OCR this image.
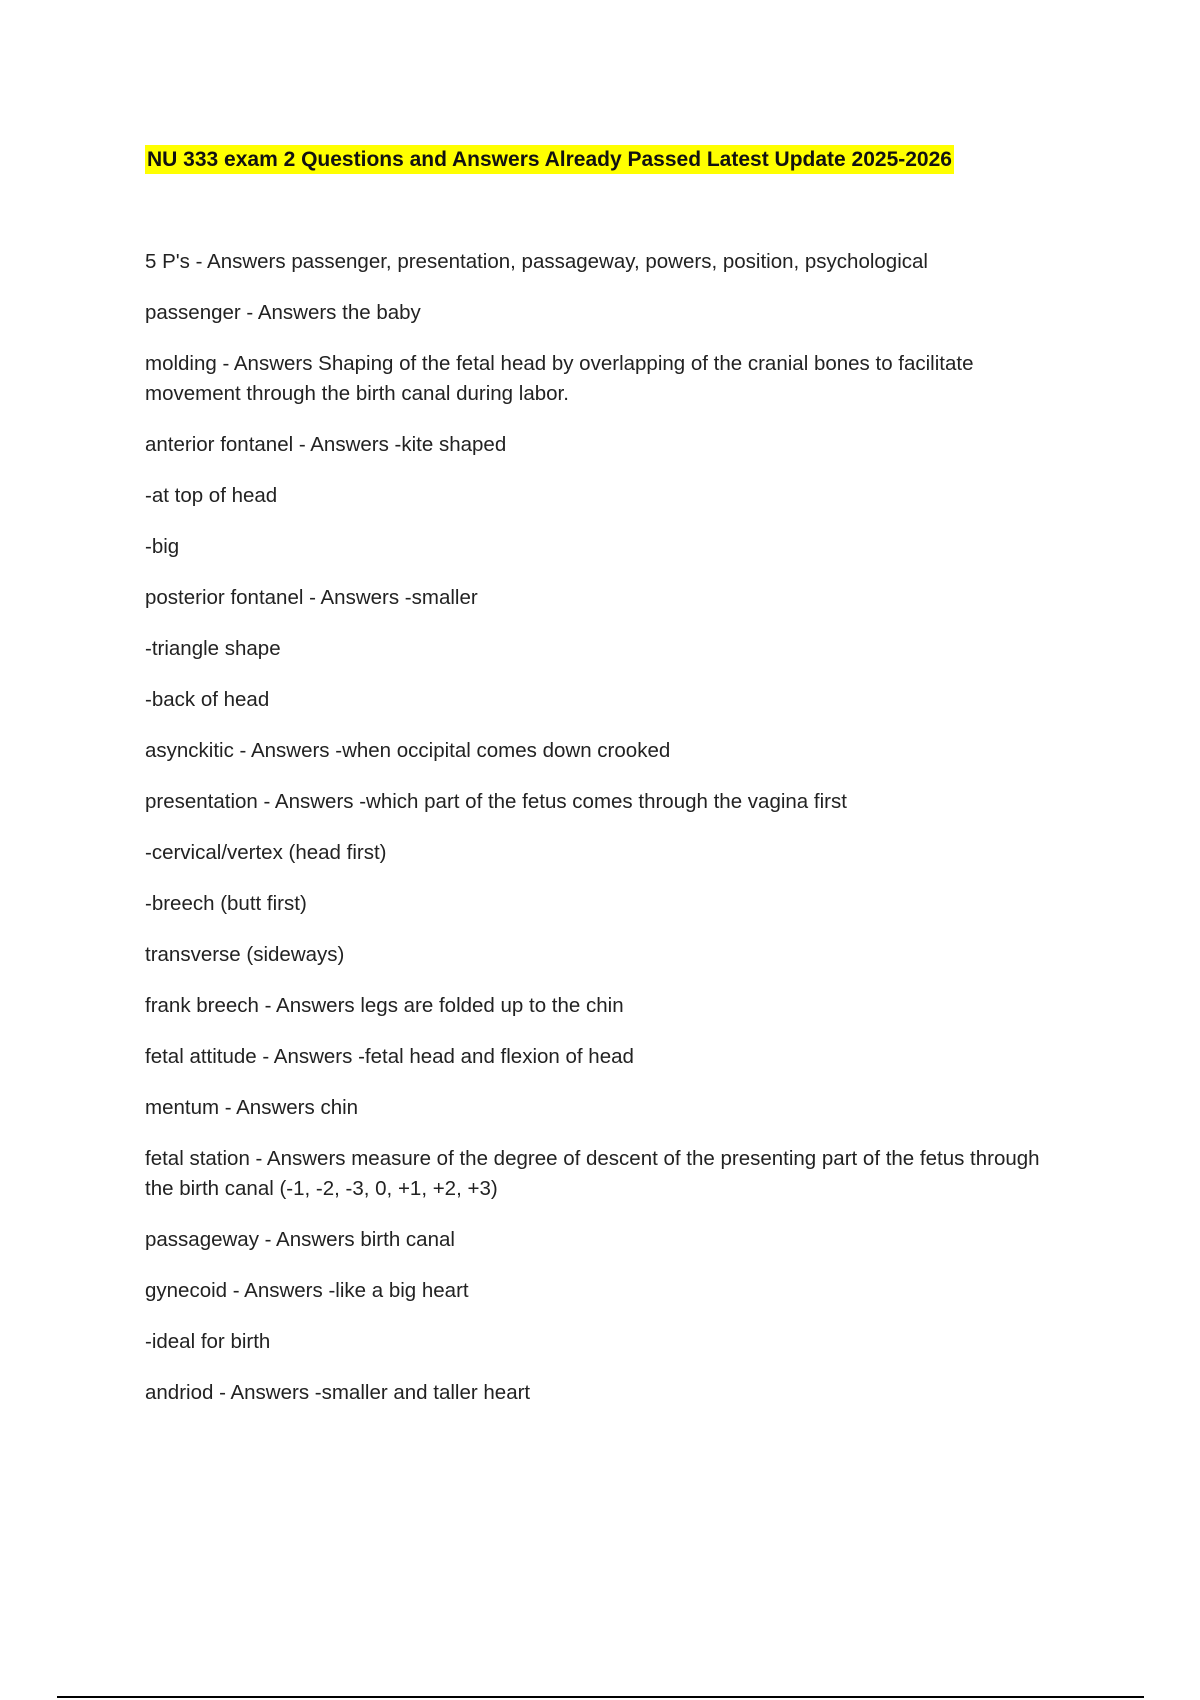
NU 333 exam 2 Questions and Answers Already Passed Latest Update 2025-2026

5 P's - Answers passenger, presentation, passageway, powers, position, psychological

passenger - Answers the baby

molding - Answers Shaping of the fetal head by overlapping of the cranial bones to facilitate movement through the birth canal during labor.

anterior fontanel - Answers -kite shaped

-at top of head

-big

posterior fontanel - Answers -smaller

-triangle shape

-back of head

asynckitic - Answers -when occipital comes down crooked

presentation - Answers -which part of the fetus comes through the vagina first

-cervical/vertex (head first)

-breech (butt first)

transverse (sideways)

frank breech - Answers legs are folded up to the chin

fetal attitude - Answers -fetal head and flexion of head

mentum - Answers chin

fetal station - Answers measure of the degree of descent of the presenting part of the fetus through the birth canal (-1, -2, -3, 0, +1, +2, +3)

passageway - Answers birth canal

gynecoid - Answers -like a big heart

-ideal for birth

andriod - Answers -smaller and taller heart
